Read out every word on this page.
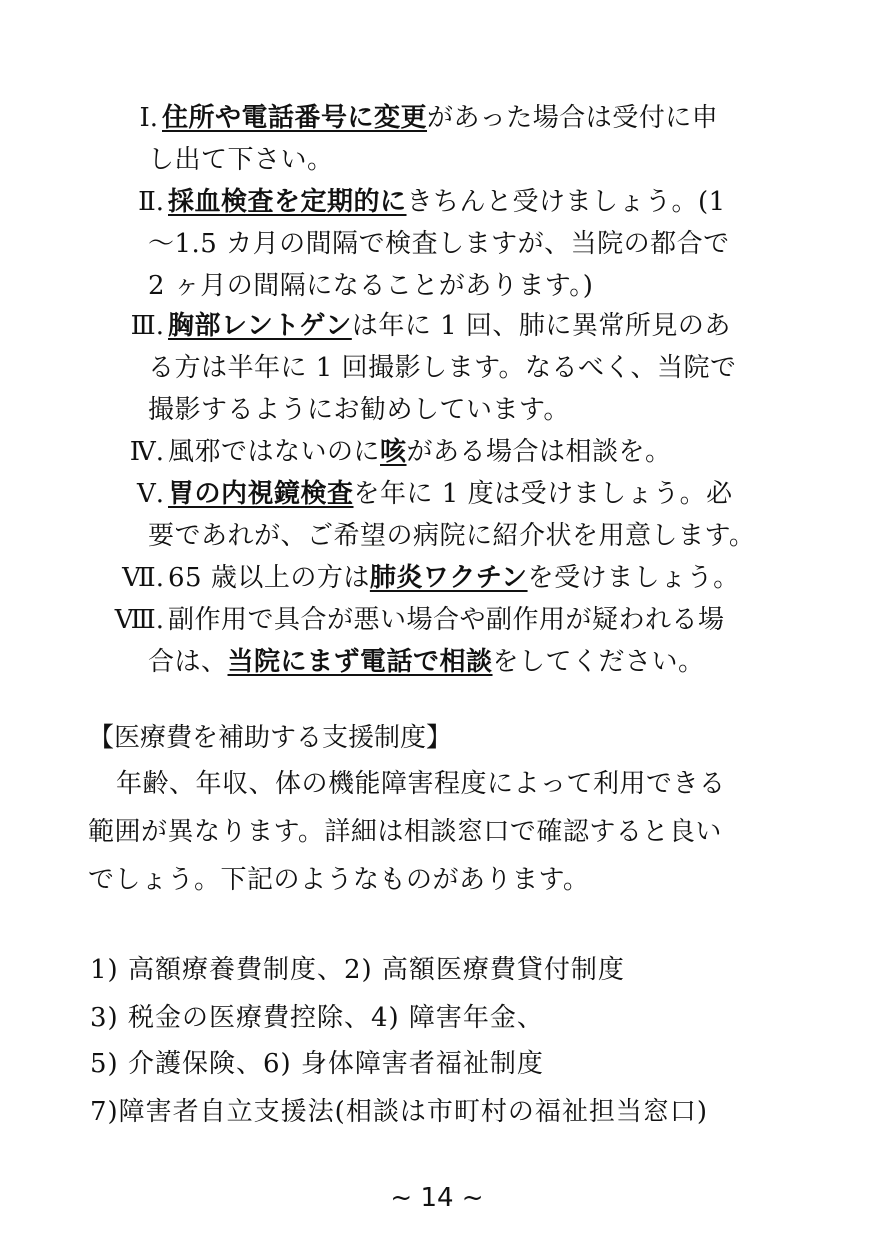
Ⅰ. 住所や電話番号に変更があった場合は受付に申
し出て下さい。
Ⅱ. 採血検査を定期的にきちんと受けましょう。(1
～1.5 カ月の間隔で検査しますが、当院の都合で
2 ヶ月の間隔になることがあります。)
Ⅲ. 胸部レントゲンは年に 1 回、肺に異常所見のあ
る方は半年に 1 回撮影します。なるべく、当院で
撮影するようにお勧めしています。
Ⅳ. 風邪ではないのに咳がある場合は相談を。
Ⅴ. 胃の内視鏡検査を年に 1 度は受けましょう。必
要であれが、ご希望の病院に紹介状を用意します。
Ⅶ. 65 歳以上の方は肺炎ワクチンを受けましょう。
Ⅷ. 副作用で具合が悪い場合や副作用が疑われる場
合は、当院にまず電話で相談をしてください。
【医療費を補助する支援制度】
年齢、年収、体の機能障害程度によって利用できる
範囲が異なります。詳細は相談窓口で確認すると良い
でしょう。下記のようなものがあります。
1) 高額療養費制度、2) 高額医療費貸付制度
3) 税金の医療費控除、4) 障害年金、
5) 介護保険、6) 身体障害者福祉制度
7)障害者自立支援法(相談は市町村の福祉担当窓口)
~ 14 ~
